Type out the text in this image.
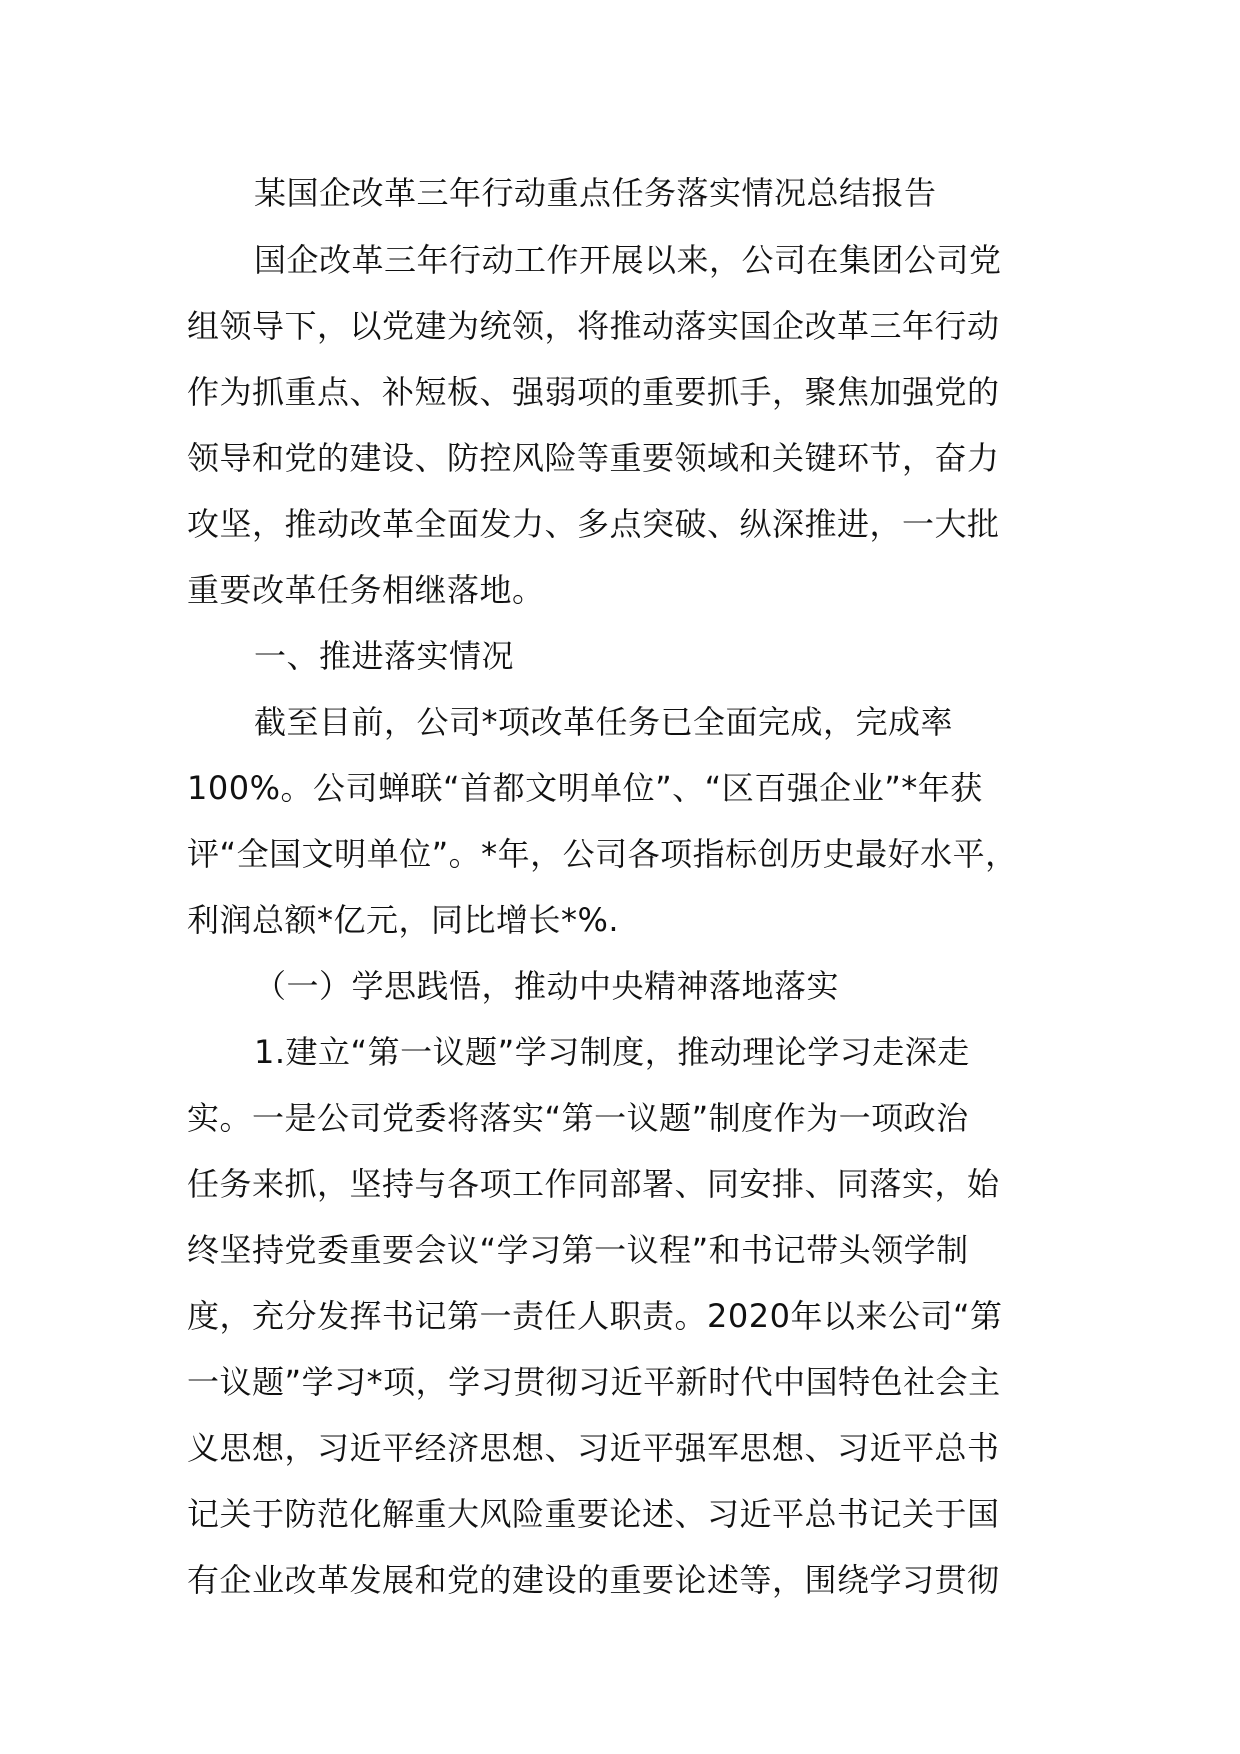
某国企改革三年行动重点任务落实情况总结报告
国企改革三年行动工作开展以来，公司在集团公司党
组领导下，以党建为统领，将推动落实国企改革三年行动
作为抓重点、补短板、强弱项的重要抓手，聚焦加强党的
领导和党的建设、防控风险等重要领域和关键环节，奋力
攻坚，推动改革全面发力、多点突破、纵深推进，一大批
重要改革任务相继落地。
一、推进落实情况
截至目前，公司*项改革任务已全面完成，完成率
100%。公司蝉联“首都文明单位”、“区百强企业”*年获
评“全国文明单位”。*年，公司各项指标创历史最好水平，
利润总额*亿元，同比增长*%.
（一）学思践悟，推动中央精神落地落实
1.建立“第一议题”学习制度，推动理论学习走深走
实。一是公司党委将落实“第一议题”制度作为一项政治
任务来抓，坚持与各项工作同部署、同安排、同落实，始
终坚持党委重要会议“学习第一议程”和书记带头领学制
度，充分发挥书记第一责任人职责。2020年以来公司“第
一议题”学习*项，学习贯彻习近平新时代中国特色社会主
义思想，习近平经济思想、习近平强军思想、习近平总书
记关于防范化解重大风险重要论述、习近平总书记关于国
有企业改革发展和党的建设的重要论述等，围绕学习贯彻
